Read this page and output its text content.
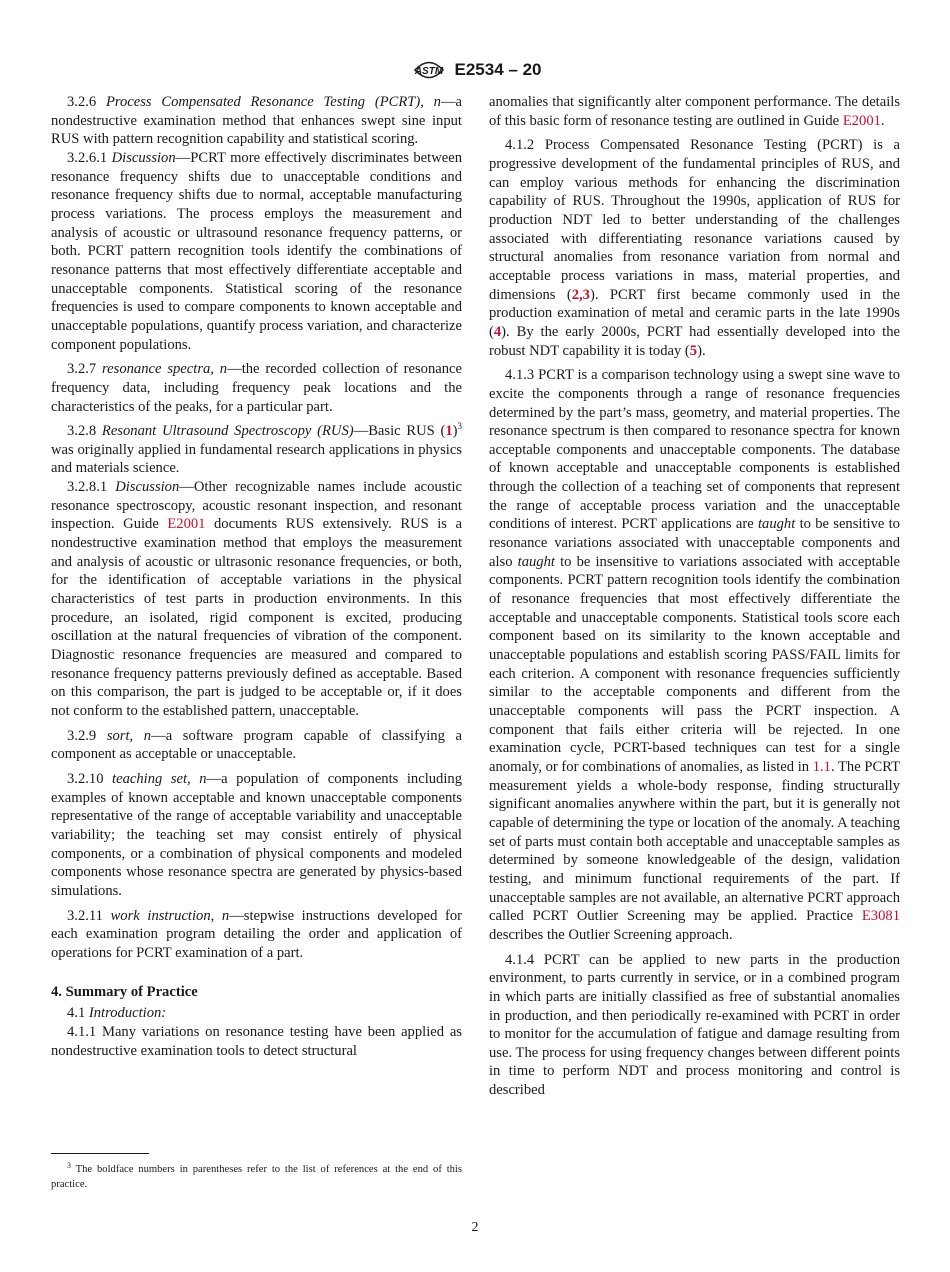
ASTM E2534 – 20

3.2.6 Process Compensated Resonance Testing (PCRT), n—a nondestructive examination method that enhances swept sine input RUS with pattern recognition capability and statistical scoring.

3.2.6.1 Discussion—PCRT more effectively discriminates between resonance frequency shifts due to unacceptable conditions and resonance frequency shifts due to normal, acceptable manufacturing process variations. The process employs the measurement and analysis of acoustic or ultrasound resonance frequency patterns, or both. PCRT pattern recognition tools identify the combinations of resonance patterns that most effectively differentiate acceptable and unacceptable components. Statistical scoring of the resonance frequencies is used to compare components to known acceptable and unacceptable populations, quantify process variation, and characterize component populations.

3.2.7 resonance spectra, n—the recorded collection of resonance frequency data, including frequency peak locations and the characteristics of the peaks, for a particular part.

3.2.8 Resonant Ultrasound Spectroscopy (RUS)—Basic RUS $(1)^3$ was originally applied in fundamental research applications in physics and materials science.

3.2.8.1 Discussion—Other recognizable names include acoustic resonance spectroscopy, acoustic resonant inspection, and resonant inspection. Guide E2001 documents RUS extensively. RUS is a nondestructive examination method that employs the measurement and analysis of acoustic or ultrasonic resonance frequencies, or both, for the identification of acceptable variations in the physical characteristics of test parts in production environments. In this procedure, an isolated, rigid component is excited, producing oscillation at the natural frequencies of vibration of the component. Diagnostic resonance frequencies are measured and compared to resonance frequency patterns previously defined as acceptable. Based on this comparison, the part is judged to be acceptable or, if it does not conform to the established pattern, unacceptable.

3.2.9 sort, n—a software program capable of classifying a component as acceptable or unacceptable.

3.2.10 teaching set, n—a population of components including examples of known acceptable and known unacceptable components representative of the range of acceptable variability and unacceptable variability; the teaching set may consist entirely of physical components, or a combination of physical components and modeled components whose resonance spectra are generated by physics-based simulations.

3.2.11 work instruction, n—stepwise instructions developed for each examination program detailing the order and application of operations for PCRT examination of a part.

4. Summary of Practice

4.1 Introduction:

4.1.1 Many variations on resonance testing have been applied as nondestructive examination tools to detect structural

anomalies that significantly alter component performance. The details of this basic form of resonance testing are outlined in Guide E2001.

4.1.2 Process Compensated Resonance Testing (PCRT) is a progressive development of the fundamental principles of RUS, and can employ various methods for enhancing the discrimination capability of RUS. Throughout the 1990s, application of RUS for production NDT led to better understanding of the challenges associated with differentiating resonance variations caused by structural anomalies from resonance variation from normal and acceptable process variations in mass, material properties, and dimensions (2,3). PCRT first became commonly used in the production examination of metal and ceramic parts in the late 1990s (4). By the early 2000s, PCRT had essentially developed into the robust NDT capability it is today (5).

4.1.3 PCRT is a comparison technology using a swept sine wave to excite the components through a range of resonance frequencies determined by the part’s mass, geometry, and material properties. The resonance spectrum is then compared to resonance spectra for known acceptable components and unacceptable components. The database of known acceptable and unacceptable components is established through the collection of a teaching set of components that represent the range of acceptable process variation and the unacceptable conditions of interest. PCRT applications are taught to be sensitive to resonance variations associated with unacceptable components and also taught to be insensitive to variations associated with acceptable components. PCRT pattern recognition tools identify the combination of resonance frequencies that most effectively differentiate the acceptable and unacceptable components. Statistical tools score each component based on its similarity to the known acceptable and unacceptable populations and establish scoring PASS/FAIL limits for each criterion. A component with resonance frequencies sufficiently similar to the acceptable components and different from the unacceptable components will pass the PCRT inspection. A component that fails either criteria will be rejected. In one examination cycle, PCRT-based techniques can test for a single anomaly, or for combinations of anomalies, as listed in 1.1. The PCRT measurement yields a whole-body response, finding structurally significant anomalies anywhere within the part, but it is generally not capable of determining the type or location of the anomaly. A teaching set of parts must contain both acceptable and unacceptable samples as determined by someone knowledgeable of the design, validation testing, and minimum functional requirements of the part. If unacceptable samples are not available, an alternative PCRT approach called PCRT Outlier Screening may be applied. Practice E3081 describes the Outlier Screening approach.

4.1.4 PCRT can be applied to new parts in the production environment, to parts currently in service, or in a combined program in which parts are initially classified as free of substantial anomalies in production, and then periodically re-examined with PCRT in order to monitor for the accumulation of fatigue and damage resulting from use. The process for using frequency changes between different points in time to perform NDT and process monitoring and control is described

$^3$ The boldface numbers in parentheses refer to the list of references at the end of this practice.

2
